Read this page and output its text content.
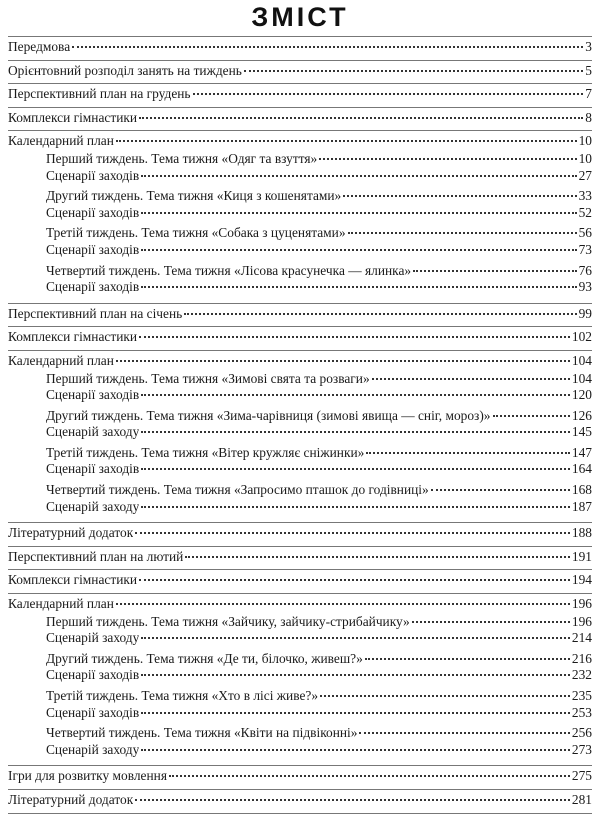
ЗМІСТ
Передмова	3
Орієнтовний розподіл занять на тиждень	5
Перспективний план на грудень	7
Комплекси гімнастики	8
Календарний план	10
Перший тиждень. Тема тижня «Одяг та взуття»	10
Сценарії заходів	27
Другий тиждень. Тема тижня «Киця з кошенятами»	33
Сценарії заходів	52
Третій тиждень. Тема тижня «Собака з цуценятами»	56
Сценарії заходів	73
Четвертий тиждень. Тема тижня «Лісова красунечка — ялинка»	76
Сценарії заходів	93
Перспективний план на січень	99
Комплекси гімнастики	102
Календарний план	104
Перший тиждень. Тема тижня «Зимові свята та розваги»	104
Сценарії заходів	120
Другий тиждень. Тема тижня «Зима-чарівниця (зимові явища — сніг, мороз)»	126
Сценарій заходу	145
Третій тиждень. Тема тижня «Вітер кружляє сніжинки»	147
Сценарії заходів	164
Четвертий тиждень. Тема тижня «Запросимо пташок до годівниці»	168
Сценарій заходу	187
Літературний додаток	188
Перспективний план на лютий	191
Комплекси гімнастики	194
Календарний план	196
Перший тиждень. Тема тижня «Зайчику, зайчику-стрибайчику»	196
Сценарій заходу	214
Другий тиждень. Тема тижня «Де ти, білочко, живеш?»	216
Сценарії заходів	232
Третій тиждень. Тема тижня «Хто в лісі живе?»	235
Сценарії заходів	253
Четвертий тиждень. Тема тижня «Квіти на підвіконні»	256
Сценарій заходу	273
Ігри для розвитку мовлення	275
Літературний додаток	281
